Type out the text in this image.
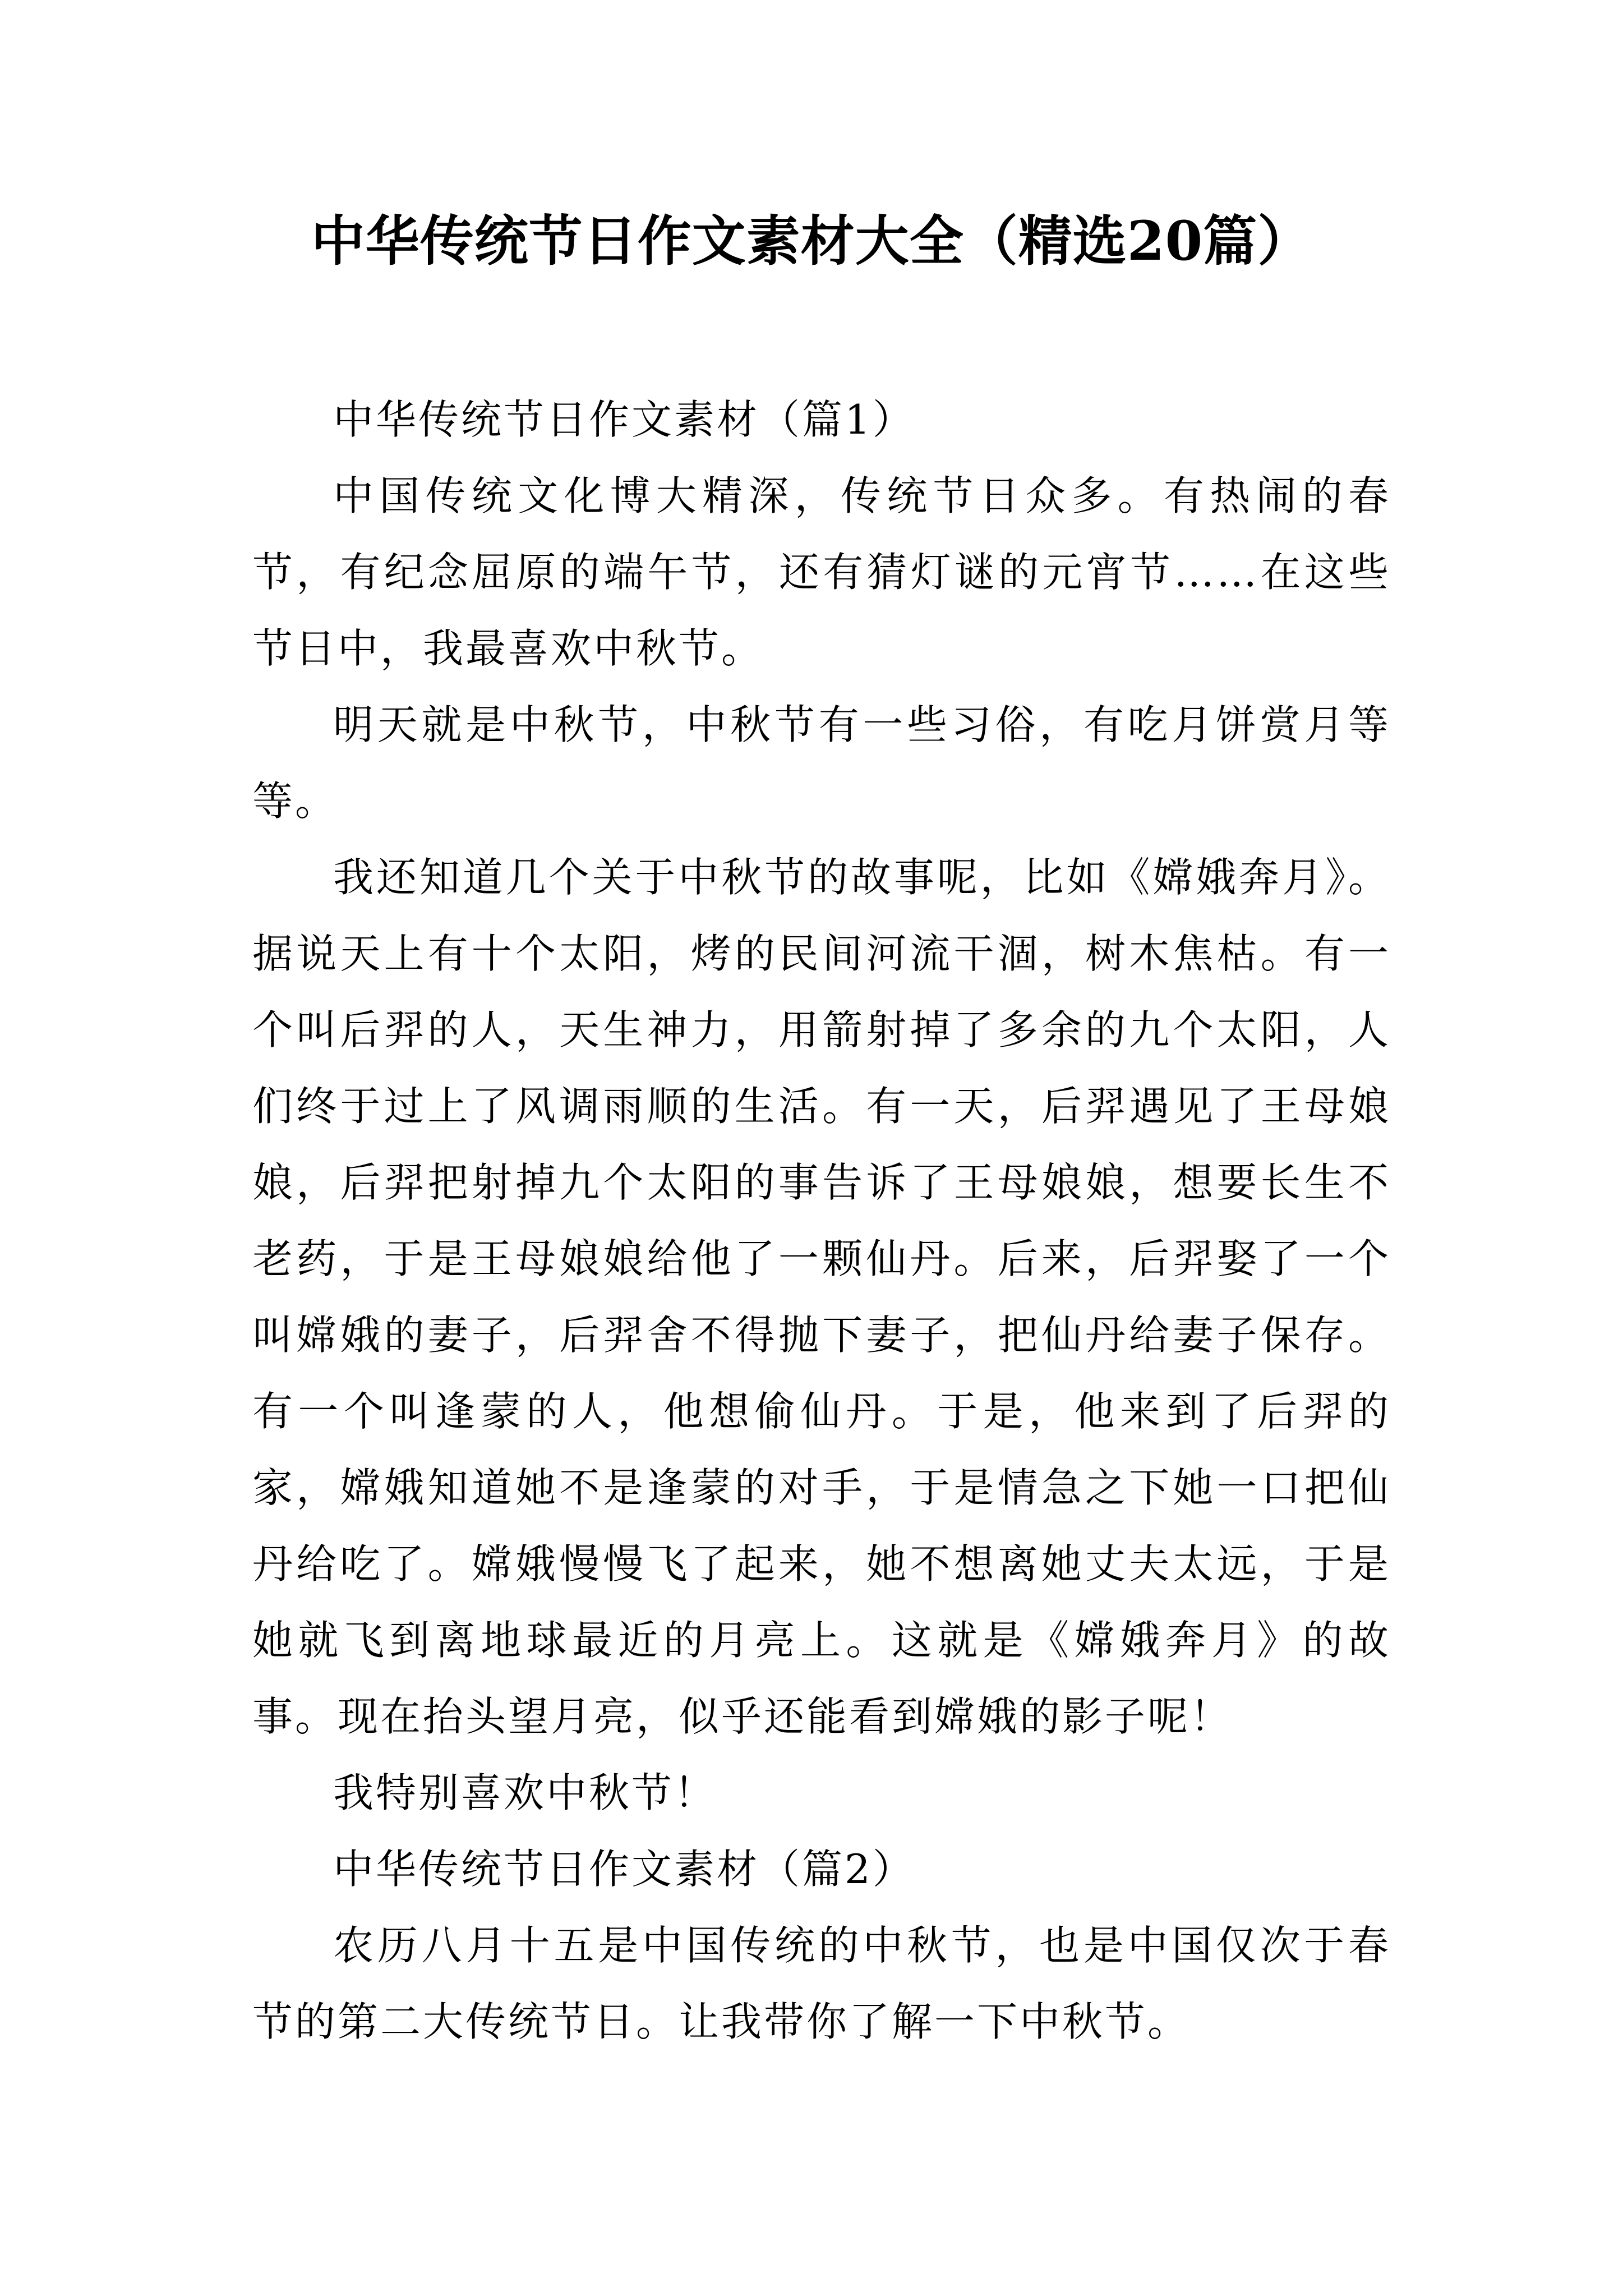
中华传统节日作文素材大全（精选20篇）

中华传统节日作文素材（篇1）

中国传统文化博大精深，传统节日众多。有热闹的春节，有纪念屈原的端午节，还有猜灯谜的元宵节……在这些节日中，我最喜欢中秋节。

明天就是中秋节，中秋节有一些习俗，有吃月饼赏月等等。

我还知道几个关于中秋节的故事呢，比如《嫦娥奔月》。据说天上有十个太阳，烤的民间河流干涸，树木焦枯。有一个叫后羿的人，天生神力，用箭射掉了多余的九个太阳，人们终于过上了风调雨顺的生活。有一天，后羿遇见了王母娘娘，后羿把射掉九个太阳的事告诉了王母娘娘，想要长生不老药，于是王母娘娘给他了一颗仙丹。后来，后羿娶了一个叫嫦娥的妻子，后羿舍不得抛下妻子，把仙丹给妻子保存。有一个叫逢蒙的人，他想偷仙丹。于是，他来到了后羿的家，嫦娥知道她不是逢蒙的对手，于是情急之下她一口把仙丹给吃了。嫦娥慢慢飞了起来，她不想离她丈夫太远，于是她就飞到离地球最近的月亮上。这就是《嫦娥奔月》的故事。现在抬头望月亮，似乎还能看到嫦娥的影子呢！

我特别喜欢中秋节！

中华传统节日作文素材（篇2）

农历八月十五是中国传统的中秋节，也是中国仅次于春节的第二大传统节日。让我带你了解一下中秋节。
